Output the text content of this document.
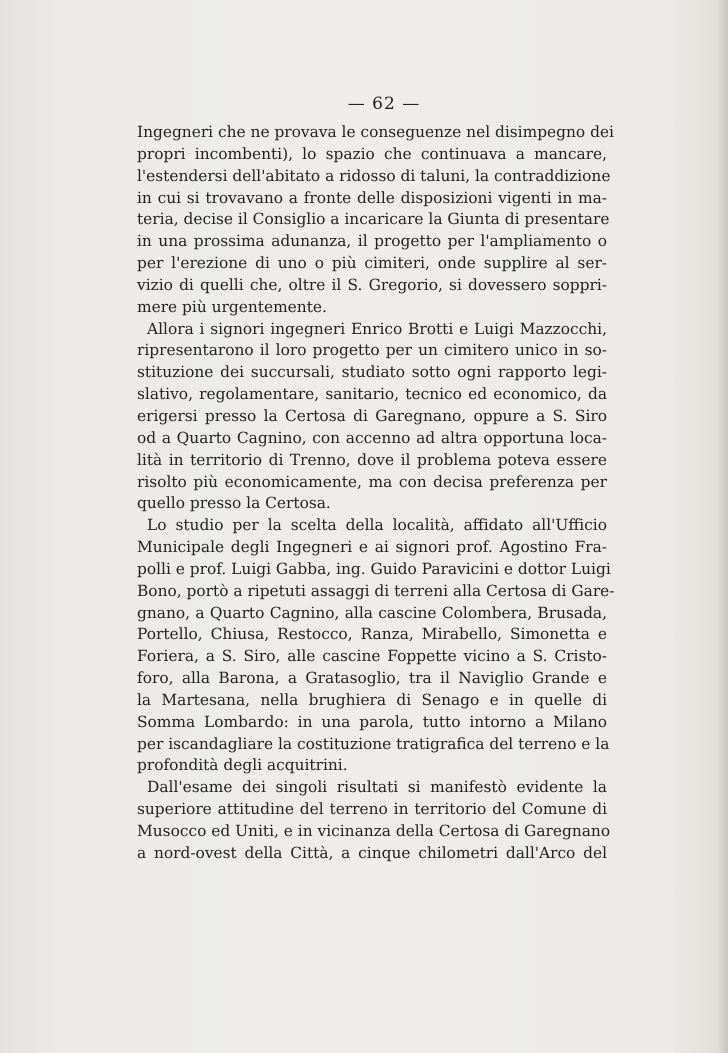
— 62 —
Ingegneri che ne provava le conseguenze nel disimpegno dei
propri incombenti), lo spazio che continuava a mancare,
l'estendersi dell'abitato a ridosso di taluni, la contraddizione
in cui si trovavano a fronte delle disposizioni vigenti in ma-
teria, decise il Consiglio a incaricare la Giunta di presentare
in una prossima adunanza, il progetto per l'ampliamento o
per l'erezione di uno o più cimiteri, onde supplire al ser-
vizio di quelli che, oltre il S. Gregorio, si dovessero soppri-
mere più urgentemente.
Allora i signori ingegneri Enrico Brotti e Luigi Mazzocchi,
ripresentarono il loro progetto per un cimitero unico in so-
stituzione dei succursali, studiato sotto ogni rapporto legi-
slativo, regolamentare, sanitario, tecnico ed economico, da
erigersi presso la Certosa di Garegnano, oppure a S. Siro
od a Quarto Cagnino, con accenno ad altra opportuna loca-
lità in territorio di Trenno, dove il problema poteva essere
risolto più economicamente, ma con decisa preferenza per
quello presso la Certosa.
Lo studio per la scelta della località, affidato all'Ufficio
Municipale degli Ingegneri e ai signori prof. Agostino Fra-
polli e prof. Luigi Gabba, ing. Guido Paravicini e dottor Luigi
Bono, portò a ripetuti assaggi di terreni alla Certosa di Gare-
gnano, a Quarto Cagnino, alla cascine Colombera, Brusada,
Portello, Chiusa, Restocco, Ranza, Mirabello, Simonetta e
Foriera, a S. Siro, alle cascine Foppette vicino a S. Cristo-
foro, alla Barona, a Gratasoglio, tra il Naviglio Grande e
la Martesana, nella brughiera di Senago e in quelle di
Somma Lombardo: in una parola, tutto intorno a Milano
per iscandagliare la costituzione tratigrafica del terreno e la
profondità degli acquitrini.
Dall'esame dei singoli risultati si manifestò evidente la
superiore attitudine del terreno in territorio del Comune di
Musocco ed Uniti, e in vicinanza della Certosa di Garegnano
a nord-ovest della Città, a cinque chilometri dall'Arco del
